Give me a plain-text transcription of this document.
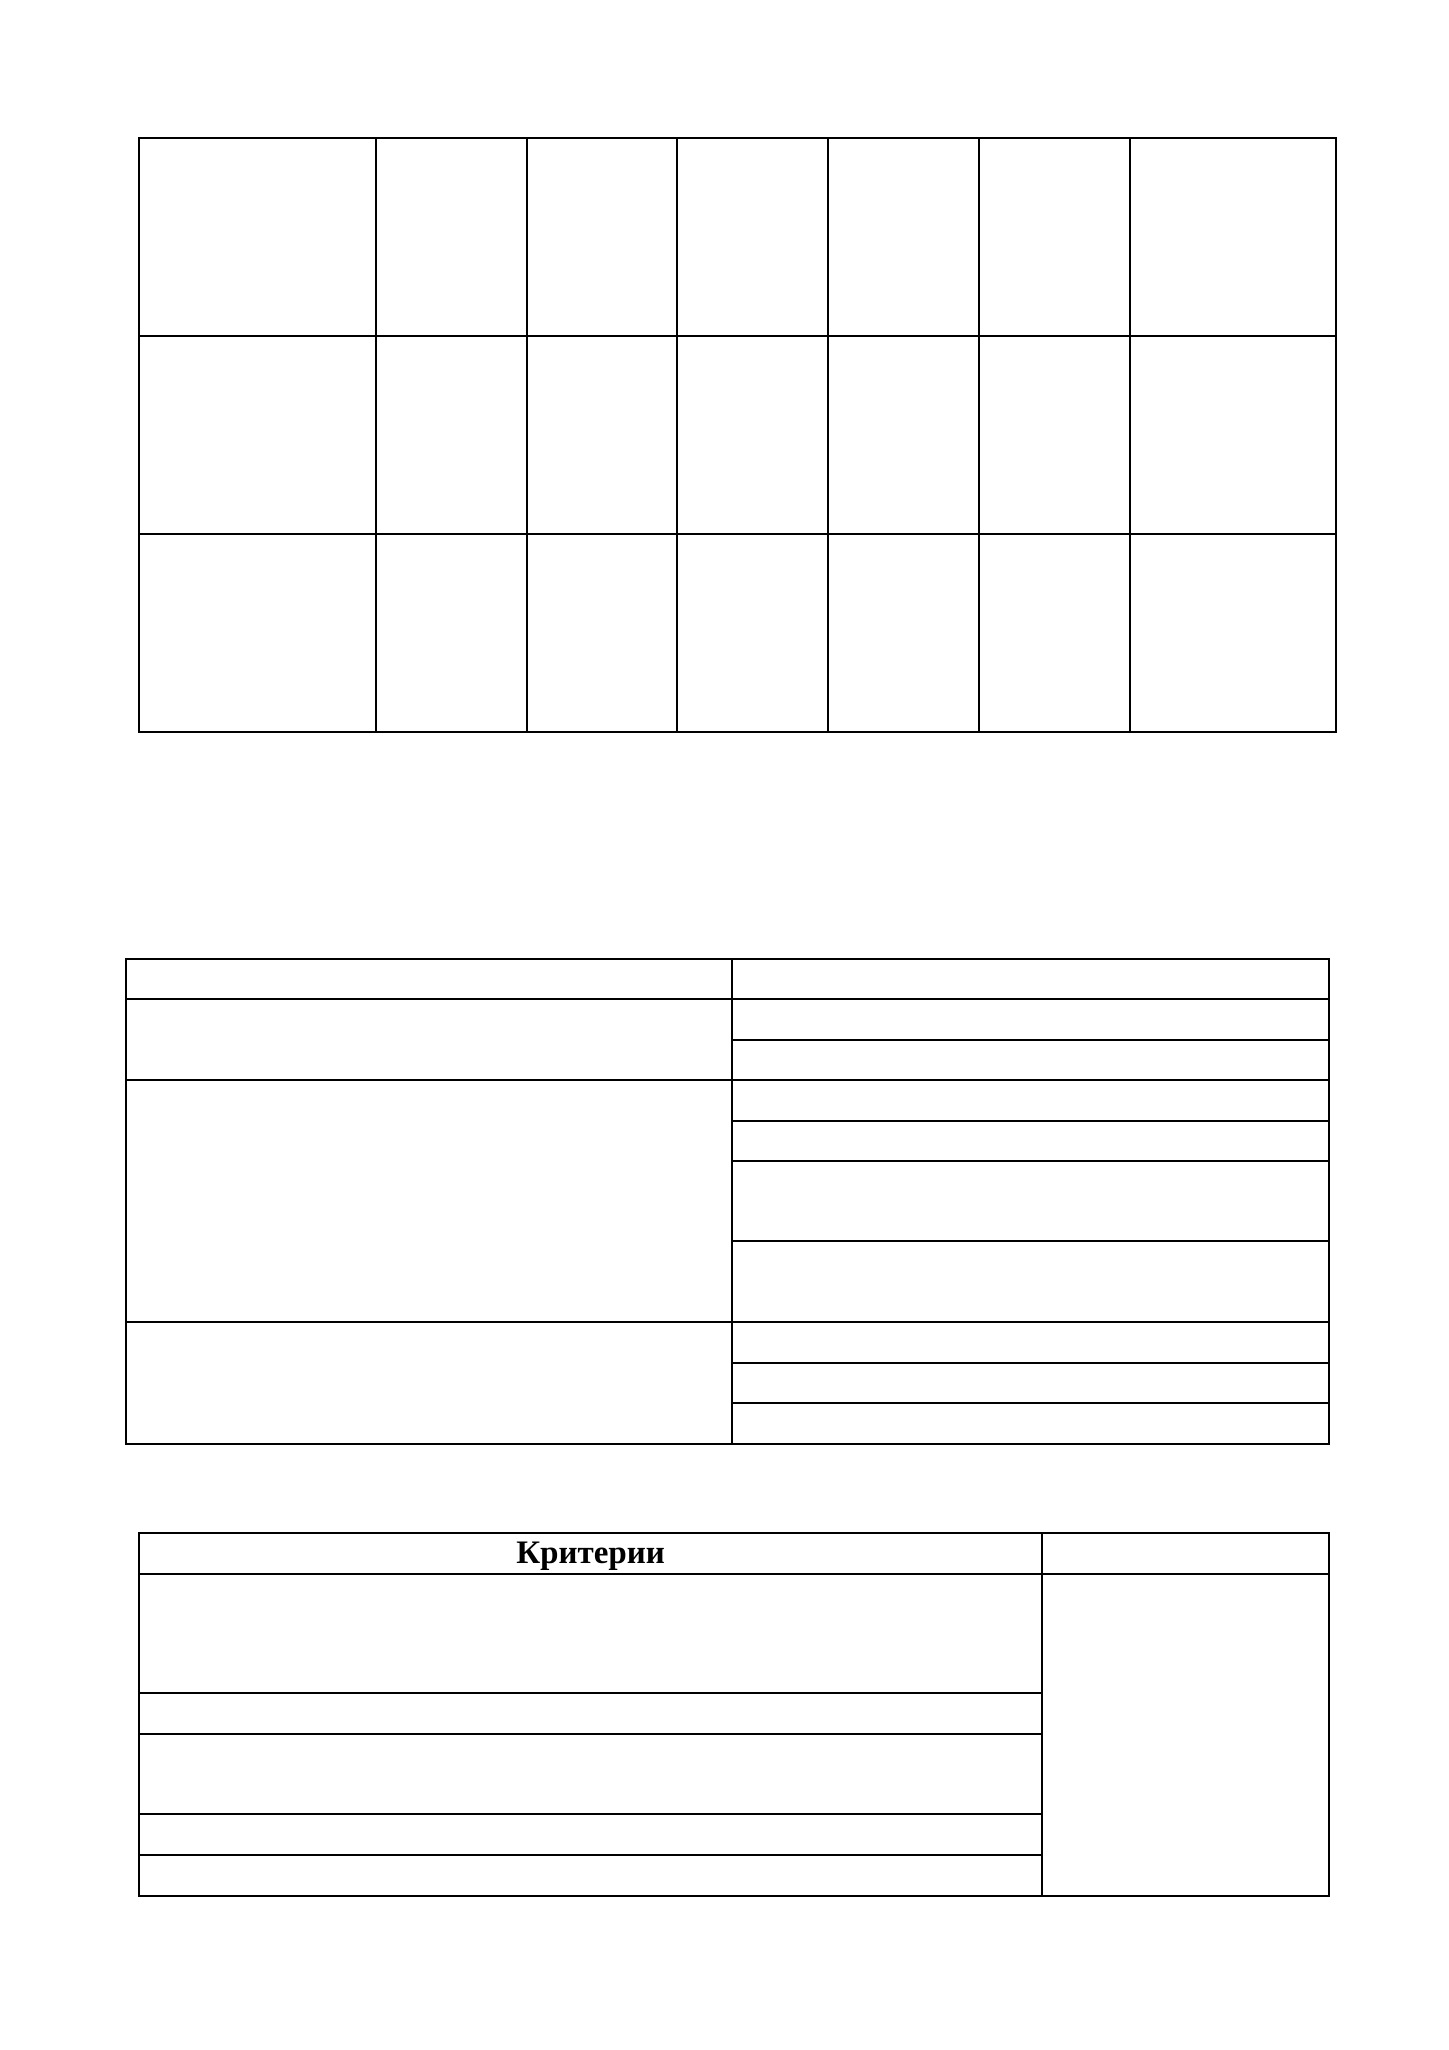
Критерии	
